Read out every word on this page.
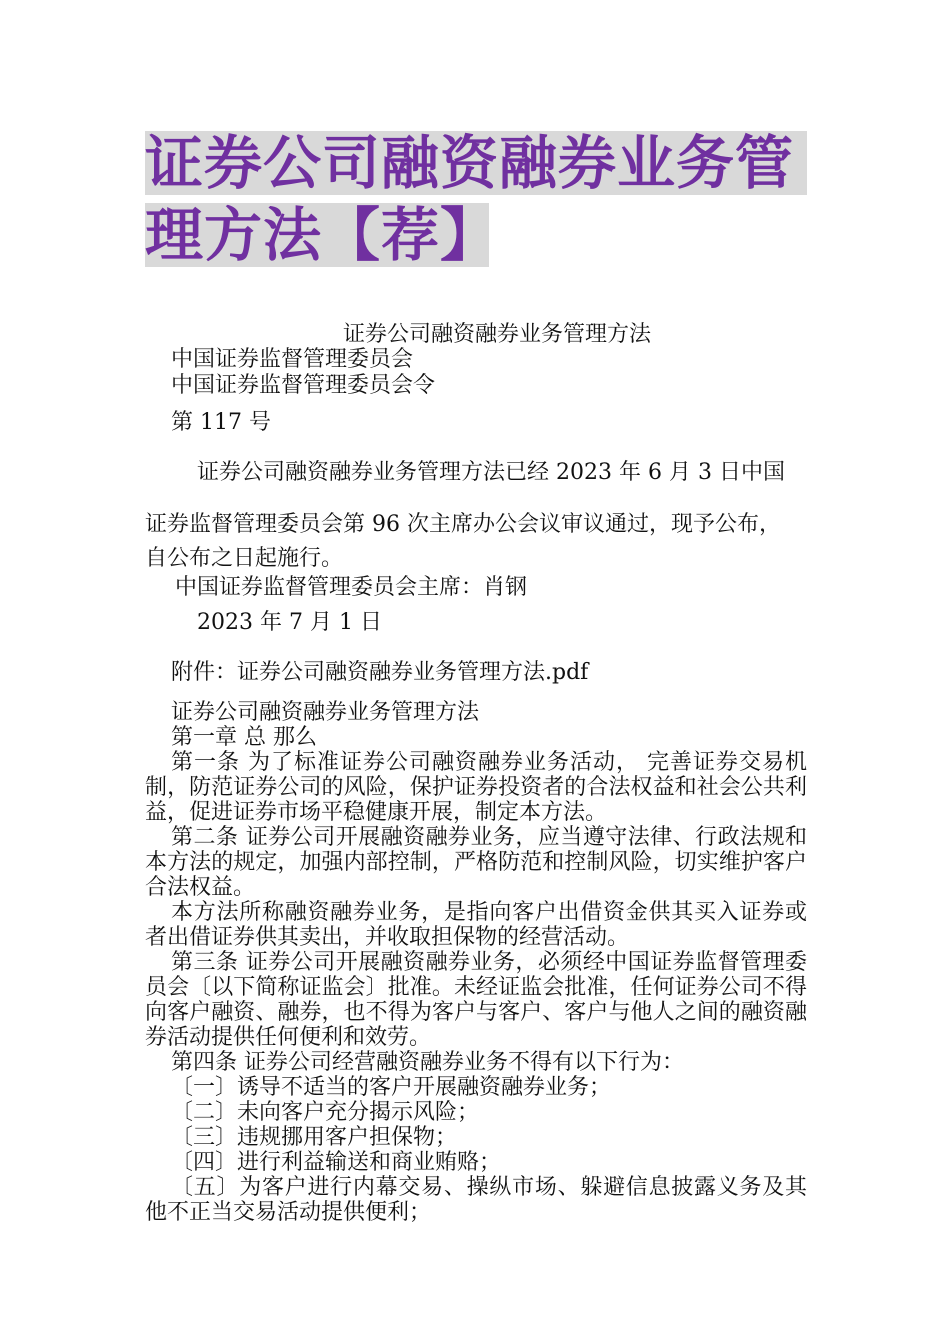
证券公司融资融券业务管
理方法【荐】
证券公司融资融券业务管理方法
中国证券监督管理委员会
中国证券监督管理委员会令
第 117 号
证券公司融资融券业务管理方法已经 2023 年 6 月 3 日中国
证券监督管理委员会第 96 次主席办公会议审议通过，现予公布，
自公布之日起施行。
中国证券监督管理委员会主席：肖钢
2023 年 7 月 1 日
附件：证券公司融资融券业务管理方法.pdf

证券公司融资融券业务管理方法

第一章 总 那么

第一条 为了标准证券公司融资融券业务活动， 完善证券交易机制，防范证券公司的风险，保护证券投资者的合法权益和社会公共利益，促进证券市场平稳健康开展，制定本方法。

第二条 证券公司开展融资融券业务，应当遵守法律、行政法规和本方法的规定，加强内部控制，严格防范和控制风险，切实维护客户合法权益。

本方法所称融资融券业务，是指向客户出借资金供其买入证券或者出借证券供其卖出，并收取担保物的经营活动。

第三条 证券公司开展融资融券业务，必须经中国证券监督管理委员会〔以下简称证监会〕批准。未经证监会批准，任何证券公司不得向客户融资、融券，也不得为客户与客户、客户与他人之间的融资融券活动提供任何便利和效劳。

第四条 证券公司经营融资融券业务不得有以下行为：

〔一〕诱导不适当的客户开展融资融券业务；

〔二〕未向客户充分揭示风险；

〔三〕违规挪用客户担保物；

〔四〕进行利益输送和商业贿赂；

〔五〕为客户进行内幕交易、操纵市场、躲避信息披露义务及其他不正当交易活动提供便利；
